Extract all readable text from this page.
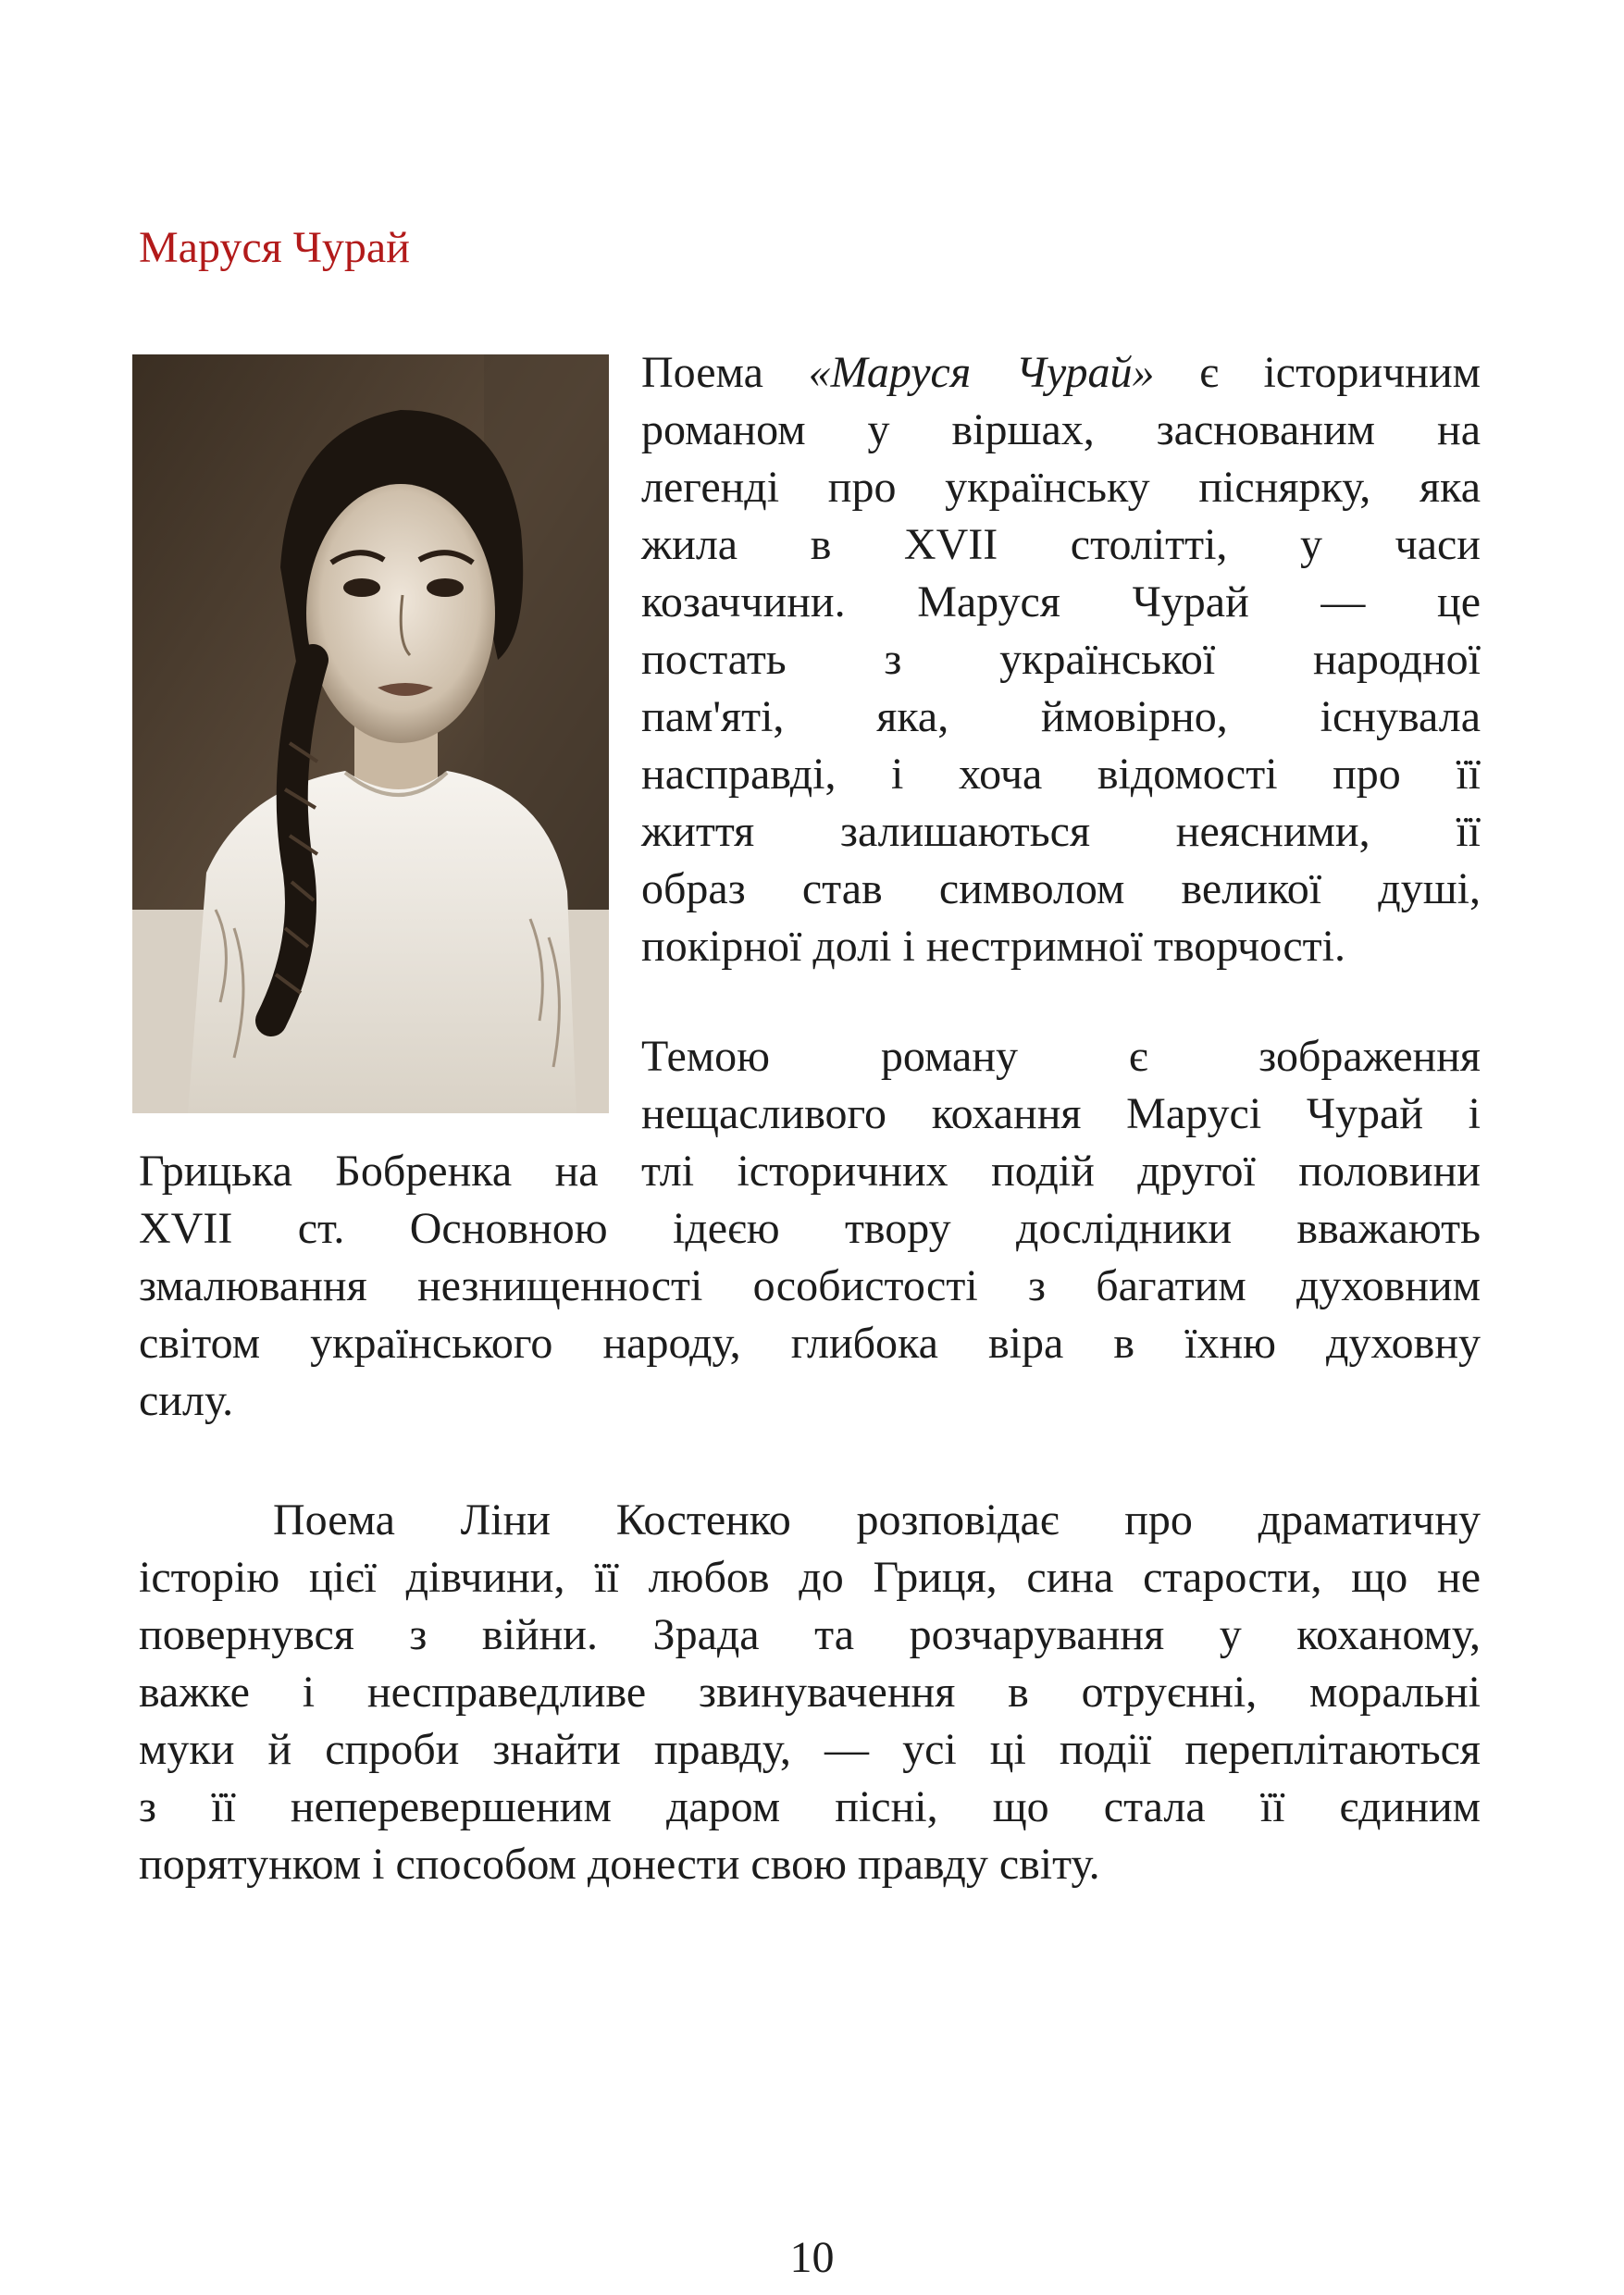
Маруся Чурай
Поема «Маруся Чурай» є історичним
романом у віршах, заснованим на
легенді про українську піснярку, яка
жила в XVII столітті, у часи
козаччини. Маруся Чурай — це
постать з української народної
пам'яті, яка, ймовірно, існувала
насправді, і хоча відомості про її
життя залишаються неясними, її
образ став символом великої душі,
покірної долі і нестримної творчості.
Темою роману є зображення
нещасливого кохання Марусі Чурай і
Грицька Бобренка на тлі історичних подій другої половини
XVII ст. Основною ідеєю твору дослідники вважають
змалювання незнищенності особистості з багатим духовним
світом українського народу, глибока віра в їхню духовну
силу.
Поема Ліни Костенко розповідає про драматичну
історію цієї дівчини, її любов до Гриця, сина старости, що не
повернувся з війни. Зрада та розчарування у коханому,
важке і несправедливе звинувачення в отруєнні, моральні
муки й спроби знайти правду, — усі ці події переплітаються
з її неперевершеним даром пісні, що стала її єдиним
порятунком і способом донести свою правду світу.
10
